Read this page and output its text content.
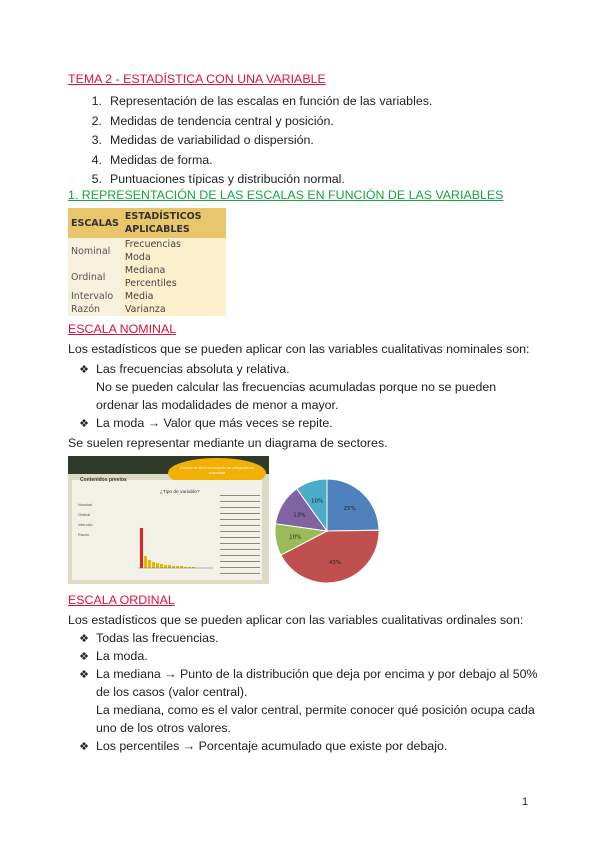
TEMA 2 - ESTADÍSTICA CON UNA VARIABLE
1. Representación de las escalas en función de las variables.
2. Medidas de tendencia central y posición.
3. Medidas de variabilidad o dispersión.
4. Medidas de forma.
5. Puntuaciones típicas y distribución normal.
1. REPRESENTACIÓN DE LAS ESCALAS EN FUNCIÓN DE LAS VARIABLES
ESCALAS	ESTADÍSTICOS APLICABLES
Nominal	Frecuencias
	Moda
Ordinal	Mediana
	Percentiles
Intervalo	Media
Razón	Varianza
ESCALA NOMINAL
Los estadísticos que se pueden aplicar con las variables cualitativas nominales son:
❖ Las frecuencias absoluta y relativa.
No se pueden calcular las frecuencias acumuladas porque no se pueden
ordenar las modalidades de menor a mayor.
❖ La moda → Valor que más veces se repite.
Se suelen representar mediante un diagrama de sectores.
Cuando se tiene un conjunto de categorías no ordenadas
Contenidos previos
¿Tipo de variable?
Nominal
Ordinal
Intervalo
Razón
25%
43%
10%
13%
10%
ESCALA ORDINAL
Los estadísticos que se pueden aplicar con las variables cualitativas ordinales son:
❖ Todas las frecuencias.
❖ La moda.
❖ La mediana → Punto de la distribución que deja por encima y por debajo al 50%
de los casos (valor central).
La mediana, como es el valor central, permite conocer qué posición ocupa cada
uno de los otros valores.
❖ Los percentiles → Porcentaje acumulado que existe por debajo.
1
